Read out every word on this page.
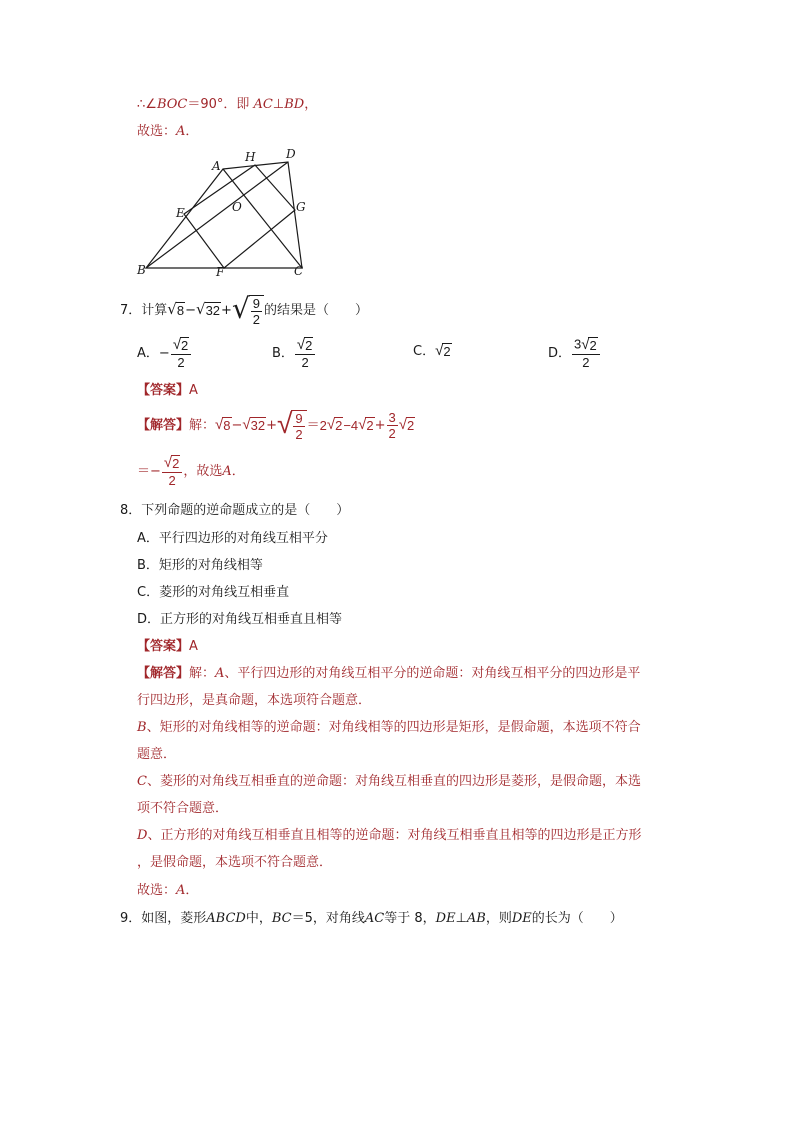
∴∠BOC＝90°．即 AC⊥BD，
故选：A．
A
H	D
E	O	G
B	F	C
7． 计算 √ 8 − √ 32 + √ $\frac{9}{2}$ 的结果是（　　）
A． − $\frac{√ 2}{2}$	B． $\frac{√ 2}{2}$	C． √ 2	D． $\frac{3 √ 2}{2}$
【答案】A
【解答】 解： √ 8 − √ 32 + √ $\frac{9}{2} = 2$ √ 2 −4 √ $2 + \frac{3}{2}$ √ 2
＝ − $\frac{√ 2}{2}$ ，故选 A ．
8．下列命题的逆命题成立的是（　　）
A．平行四边形的对角线互相平分
B．矩形的对角线相等
C．菱形的对角线互相垂直
D．正方形的对角线互相垂直且相等
【答案】A
【解答】解：A、平行四边形的对角线互相平分的逆命题：对角线互相平分的四边形是平
行四边形，是真命题，本选项符合题意．
B、矩形的对角线相等的逆命题：对角线相等的四边形是矩形，是假命题，本选项不符合
题意．
C、菱形的对角线互相垂直的逆命题：对角线互相垂直的四边形是菱形，是假命题，本选
项不符合题意．
D、正方形的对角线互相垂直且相等的逆命题：对角线互相垂直且相等的四边形是正方形
，是假命题，本选项不符合题意．
故选：A．
9．如图，菱形ABCD中，BC＝5，对角线AC等于 8，DE⊥AB，则DE的长为（　　）
